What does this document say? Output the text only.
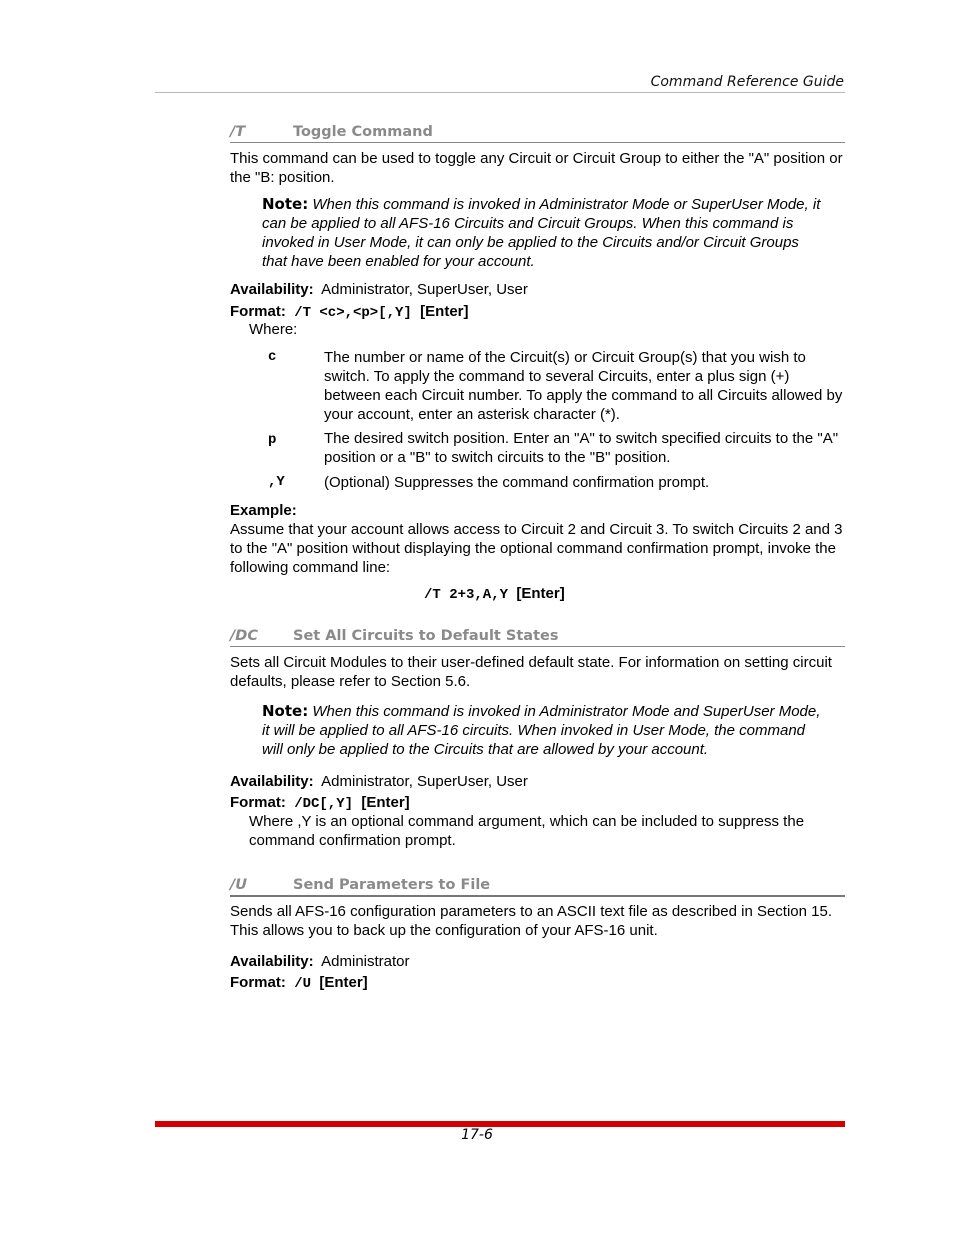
Command Reference Guide
/T	Toggle Command
This command can be used to toggle any Circuit or Circuit Group to either the "A" position or the "B: position.
Note: When this command is invoked in Administrator Mode or SuperUser Mode, it can be applied to all AFS-16 Circuits and Circuit Groups. When this command is invoked in User Mode, it can only be applied to the Circuits and/or Circuit Groups that have been enabled for your account.
Availability: Administrator, SuperUser, User
Format: /T <c>,<p>[,Y] [Enter]
Where:
c	The number or name of the Circuit(s) or Circuit Group(s) that you wish to switch. To apply the command to several Circuits, enter a plus sign (+) between each Circuit number. To apply the command to all Circuits allowed by your account, enter an asterisk character (*).
p	The desired switch position. Enter an "A" to switch specified circuits to the "A" position or a "B" to switch circuits to the "B" position.
,Y	(Optional) Suppresses the command confirmation prompt.
Example:
Assume that your account allows access to Circuit 2 and Circuit 3. To switch Circuits 2 and 3 to the "A" position without displaying the optional command confirmation prompt, invoke the following command line:
/T 2+3,A,Y [Enter]
/DC Set All Circuits to Default States
Sets all Circuit Modules to their user-defined default state. For information on setting circuit defaults, please refer to Section 5.6.
Note: When this command is invoked in Administrator Mode and SuperUser Mode, it will be applied to all AFS-16 circuits. When invoked in User Mode, the command will only be applied to the Circuits that are allowed by your account.
Availability: Administrator, SuperUser, User
Format: /DC[,Y] [Enter]
Where ,Y is an optional command argument, which can be included to suppress the command confirmation prompt.
/U	Send Parameters to File
Sends all AFS-16 configuration parameters to an ASCII text file as described in Section 15. This allows you to back up the configuration of your AFS-16 unit.
Availability: Administrator
Format: /U [Enter]
17-6
